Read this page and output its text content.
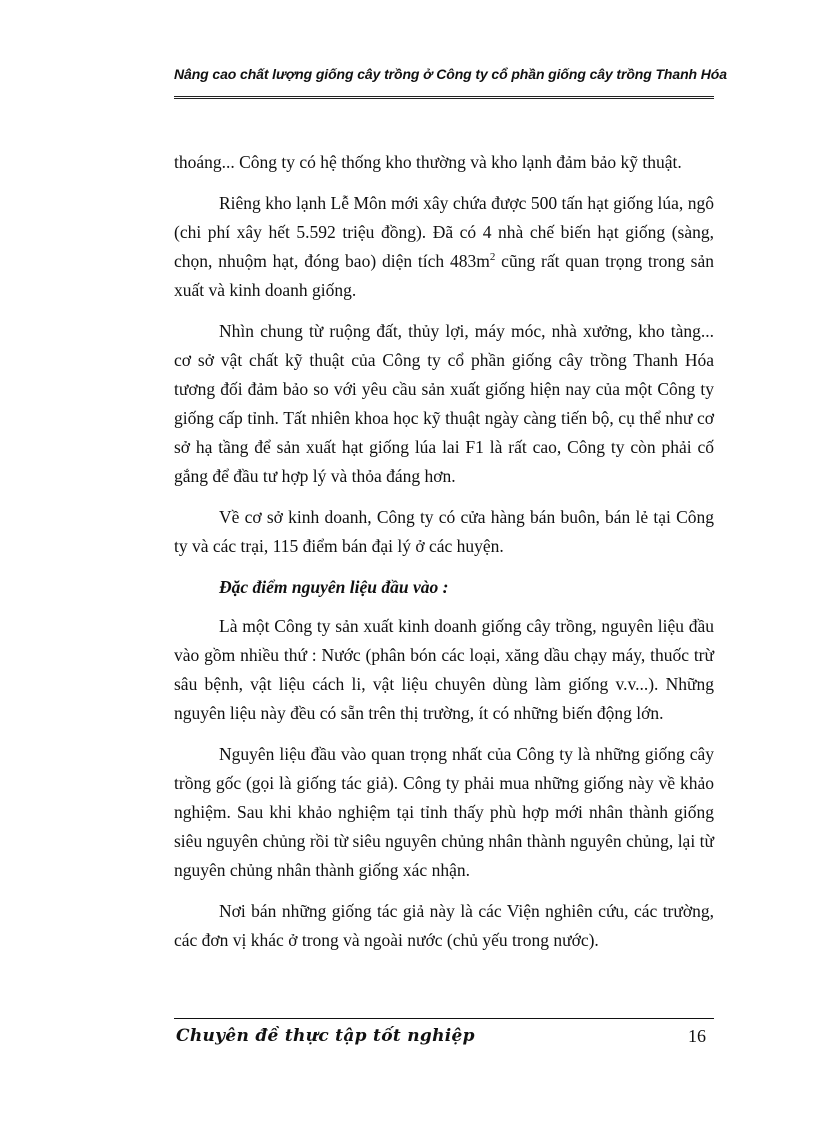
Nâng cao chất lượng giống cây trồng ở Công ty cổ phần giống cây trồng Thanh Hóa

thoáng... Công ty có hệ thống kho thường và kho lạnh đảm bảo kỹ thuật.

Riêng kho lạnh Lễ Môn mới xây chứa được 500 tấn hạt giống lúa, ngô (chi phí xây hết 5.592 triệu đồng). Đã có 4 nhà chế biến hạt giống (sàng, chọn, nhuộm hạt, đóng bao) diện tích $483m^2$ cũng rất quan trọng trong sản xuất và kinh doanh giống.

Nhìn chung từ ruộng đất, thủy lợi, máy móc, nhà xưởng, kho tàng... cơ sở vật chất kỹ thuật của Công ty cổ phần giống cây trồng Thanh Hóa tương đối đảm bảo so với yêu cầu sản xuất giống hiện nay của một Công ty giống cấp tỉnh. Tất nhiên khoa học kỹ thuật ngày càng tiến bộ, cụ thể như cơ sở hạ tầng để sản xuất hạt giống lúa lai F1 là rất cao, Công ty còn phải cố gắng để đầu tư hợp lý và thỏa đáng hơn.

Về cơ sở kinh doanh, Công ty có cửa hàng bán buôn, bán lẻ tại Công ty và các trại, 115 điểm bán đại lý ở các huyện.

Đặc điểm nguyên liệu đầu vào :

Là một Công ty sản xuất kinh doanh giống cây trồng, nguyên liệu đầu vào gồm nhiều thứ : Nước (phân bón các loại, xăng dầu chạy máy, thuốc trừ sâu bệnh, vật liệu cách li, vật liệu chuyên dùng làm giống v.v...). Những nguyên liệu này đều có sẵn trên thị trường, ít có những biến động lớn.

Nguyên liệu đầu vào quan trọng nhất của Công ty là những giống cây trồng gốc (gọi là giống tác giả). Công ty phải mua những giống này về khảo nghiệm. Sau khi khảo nghiệm tại tỉnh thấy phù hợp mới nhân thành giống siêu nguyên chủng rồi từ siêu nguyên chủng nhân thành nguyên chủng, lại từ nguyên chủng nhân thành giống xác nhận.

Nơi bán những giống tác giả này là các Viện nghiên cứu, các trường, các đơn vị khác ở trong và ngoài nước (chủ yếu trong nước).

Chuyên đề thực tập tốt nghiệp	16
